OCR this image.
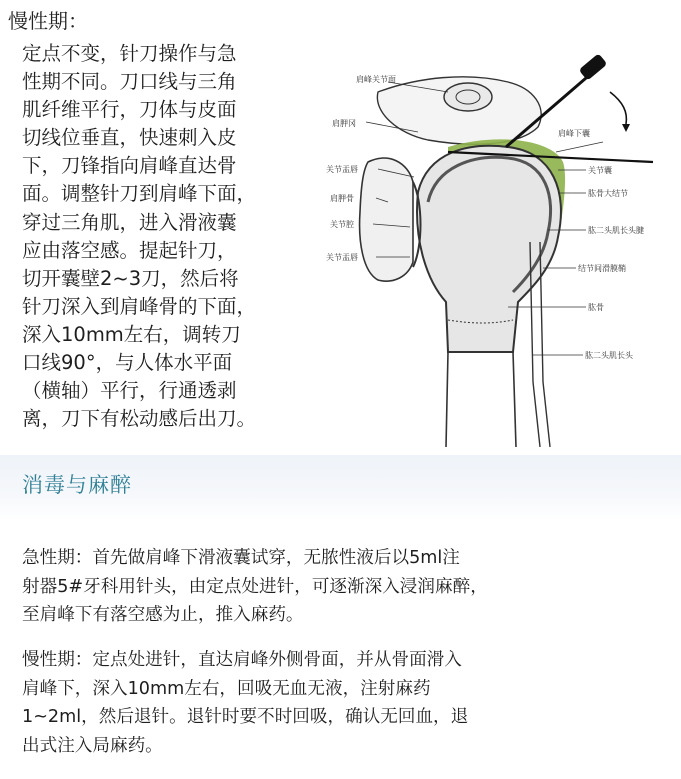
慢性期：

定点不变，针刀操作与急
性期不同。刀口线与三角
肌纤维平行，刀体与皮面
切线位垂直，快速刺入皮
下，刀锋指向肩峰直达骨
面。调整针刀到肩峰下面，
穿过三角肌，进入滑液囊
应由落空感。提起针刀，
切开囊壁2~3刀，然后将
针刀深入到肩峰骨的下面，
深入10mm左右，调转刀
口线90°，与人体水平面
（横轴）平行，行通透剥
离，刀下有松动感后出刀。

肩峰关节面
肩胛冈
肩峰下囊
关节盂唇
肩胛骨
关节腔
关节盂唇
关节囊
肱骨大结节
肱二头肌长头腱
结节间滑膜鞘
肱骨
肱二头肌长头
消毒与麻醉

急性期：首先做肩峰下滑液囊试穿，无脓性液后以5ml注
射器5#牙科用针头，由定点处进针，可逐渐深入浸润麻醉，
至肩峰下有落空感为止，推入麻药。

慢性期：定点处进针，直达肩峰外侧骨面，并从骨面滑入
肩峰下，深入10mm左右，回吸无血无液，注射麻药
1~2ml，然后退针。退针时要不时回吸，确认无回血，退
出式注入局麻药。
